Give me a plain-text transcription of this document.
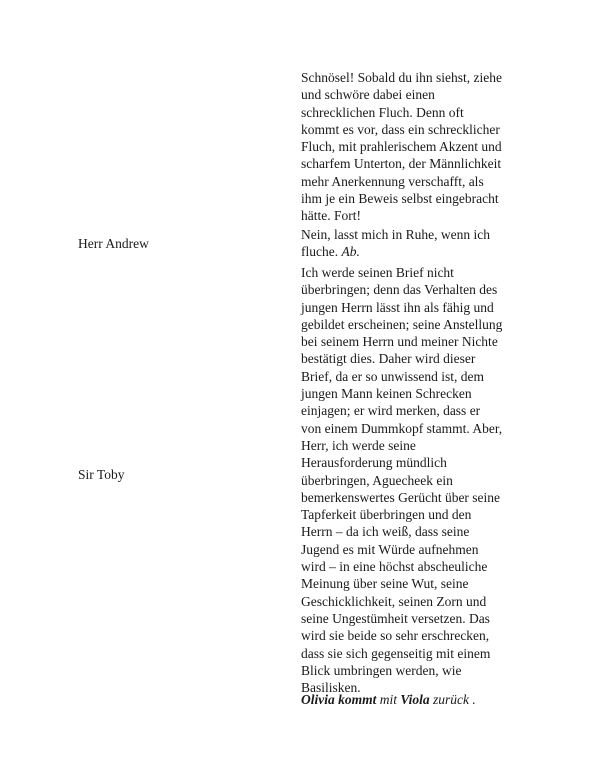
Schnösel! Sobald du ihn siehst, ziehe
und schwöre dabei einen
schrecklichen Fluch. Denn oft
kommt es vor, dass ein schrecklicher
Fluch, mit prahlerischem Akzent und
scharfem Unterton, der Männlichkeit
mehr Anerkennung verschafft, als
ihm je ein Beweis selbst eingebracht
hätte. Fort!
Herr Andrew
Nein, lasst mich in Ruhe, wenn ich
fluche. Ab.
Sir Toby
Ich werde seinen Brief nicht
überbringen; denn das Verhalten des
jungen Herrn lässt ihn als fähig und
gebildet erscheinen; seine Anstellung
bei seinem Herrn und meiner Nichte
bestätigt dies. Daher wird dieser
Brief, da er so unwissend ist, dem
jungen Mann keinen Schrecken
einjagen; er wird merken, dass er
von einem Dummkopf stammt. Aber,
Herr, ich werde seine
Herausforderung mündlich
überbringen, Aguecheek ein
bemerkenswertes Gerücht über seine
Tapferkeit überbringen und den
Herrn – da ich weiß, dass seine
Jugend es mit Würde aufnehmen
wird – in eine höchst abscheuliche
Meinung über seine Wut, seine
Geschicklichkeit, seinen Zorn und
seine Ungestümheit versetzen. Das
wird sie beide so sehr erschrecken,
dass sie sich gegenseitig mit einem
Blick umbringen werden, wie
Basilisken.
Olivia kommt mit Viola zurück .
